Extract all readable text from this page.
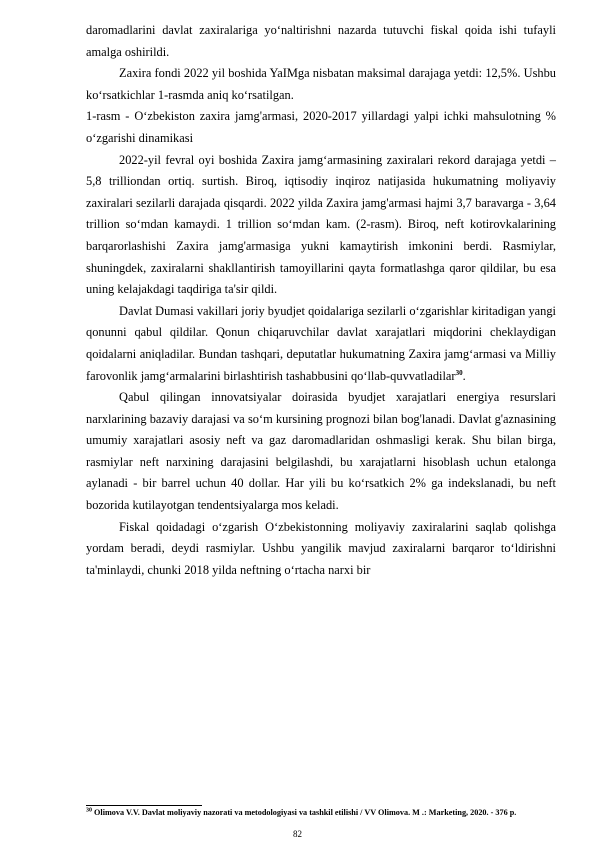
daromadlarini davlat zaxiralariga yo‘naltirishni nazarda tutuvchi fiskal qoida ishi tufayli amalga oshirildi.

Zaxira fondi 2022 yil boshida YaIMga nisbatan maksimal darajaga yetdi: 12,5%. Ushbu ko‘rsatkichlar 1-rasmda aniq ko‘rsatilgan.

1-rasm - O‘zbekiston zaxira jamg'armasi, 2020-2017 yillardagi yalpi ichki mahsulotning % o‘zgarishi dinamikasi

2022-yil fevral oyi boshida Zaxira jamg‘armasining zaxiralari rekord darajaga yetdi – 5,8 trilliondan ortiq. surtish. Biroq, iqtisodiy inqiroz natijasida hukumatning moliyaviy zaxiralari sezilarli darajada qisqardi. 2022 yilda Zaxira jamg'armasi hajmi 3,7 baravarga - 3,64 trillion so‘mdan kamaydi. 1 trillion so‘mdan kam. (2-rasm). Biroq, neft kotirovkalarining barqarorlashishi Zaxira jamg'armasiga yukni kamaytirish imkonini berdi. Rasmiylar, shuningdek, zaxiralarni shakllantirish tamoyillarini qayta formatlashga qaror qildilar, bu esa uning kelajakdagi taqdiriga ta'sir qildi.

Davlat Dumasi vakillari joriy byudjet qoidalariga sezilarli o‘zgarishlar kiritadigan yangi qonunni qabul qildilar. Qonun chiqaruvchilar davlat xarajatlari miqdorini cheklaydigan qoidalarni aniqladilar. Bundan tashqari, deputatlar hukumatning Zaxira jamg‘armasi va Milliy farovonlik jamg‘armalarini birlashtirish tashabbusini qo‘llab-quvvatladilar$^{30}$.

Qabul qilingan innovatsiyalar doirasida byudjet xarajatlari energiya resurslari narxlarining bazaviy darajasi va so‘m kursining prognozi bilan bog'lanadi. Davlat g'aznasining umumiy xarajatlari asosiy neft va gaz daromadlaridan oshmasligi kerak. Shu bilan birga, rasmiylar neft narxining darajasini belgilashdi, bu xarajatlarni hisoblash uchun etalonga aylanadi - bir barrel uchun 40 dollar. Har yili bu ko‘rsatkich 2% ga indekslanadi, bu neft bozorida kutilayotgan tendentsiyalarga mos keladi.

Fiskal qoidadagi o‘zgarish O‘zbekistonning moliyaviy zaxiralarini saqlab qolishga yordam beradi, deydi rasmiylar. Ushbu yangilik mavjud zaxiralarni barqaror to‘ldirishni ta'minlaydi, chunki 2018 yilda neftning o‘rtacha narxi bir

$^{30}$ Olimova V.V. Davlat moliyaviy nazorati va metodologiyasi va tashkil etilishi / VV Olimova. M .: Marketing, 2020. - 376 p.

82
